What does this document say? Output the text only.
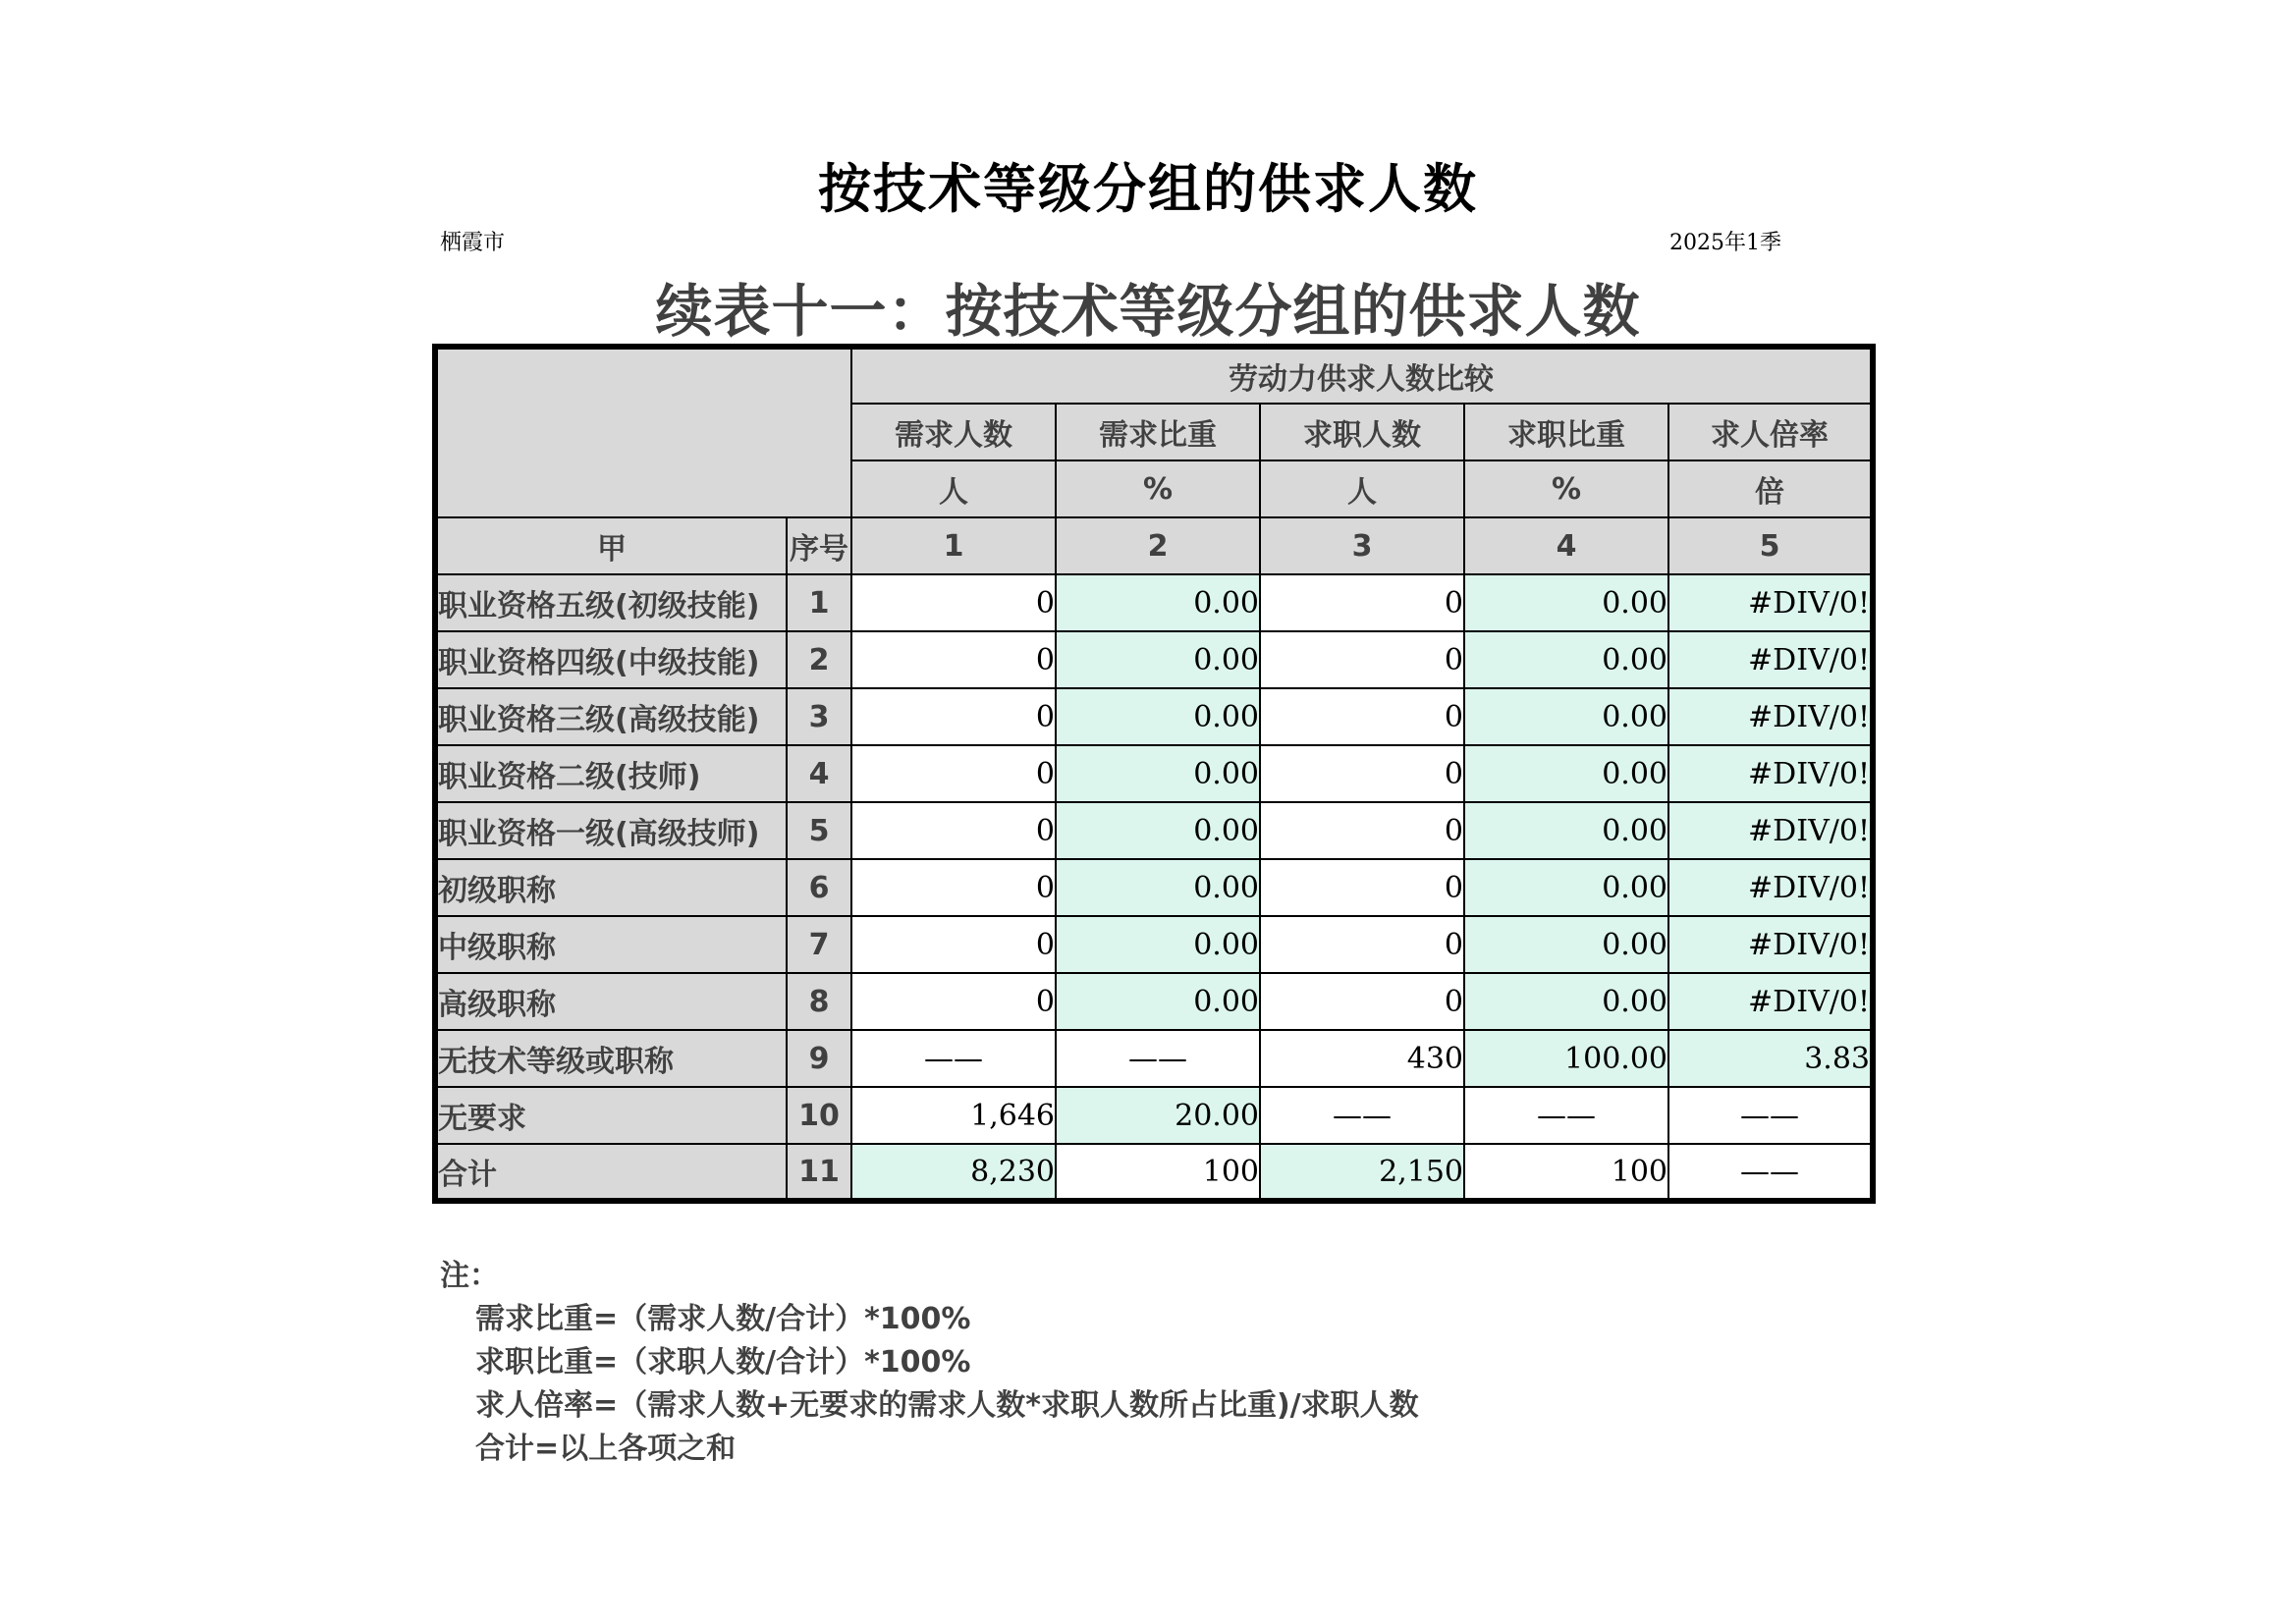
按技术等级分组的供求人数
栖霞市	2025年1季
续表十一：按技术等级分组的供求人数
		劳动力供求人数比较				
		需求人数	需求比重	求职人数	求职比重	求人倍率
		人	%	人	%	倍
甲	序号	1	2	3	4	5
职业资格五级(初级技能)	1	0	0.00	0	0.00	#DIV/0!
职业资格四级(中级技能)	2	0	0.00	0	0.00	#DIV/0!
职业资格三级(高级技能)	3	0	0.00	0	0.00	#DIV/0!
职业资格二级(技师)	4	0	0.00	0	0.00	#DIV/0!
职业资格一级(高级技师)	5	0	0.00	0	0.00	#DIV/0!
初级职称	6	0	0.00	0	0.00	#DIV/0!
中级职称	7	0	0.00	0	0.00	#DIV/0!
高级职称	8	0	0.00	0	0.00	#DIV/0!
无技术等级或职称	9	——	——	430	100.00	3.83
无要求	10	1,646	20.00	——	——	——
合计	11	8,230	100	2,150	100	——
注：
需求比重=（需求人数/合计）*100%
求职比重=（求职人数/合计）*100%
求人倍率=（需求人数+无要求的需求人数*求职人数所占比重)/求职人数
合计=以上各项之和
